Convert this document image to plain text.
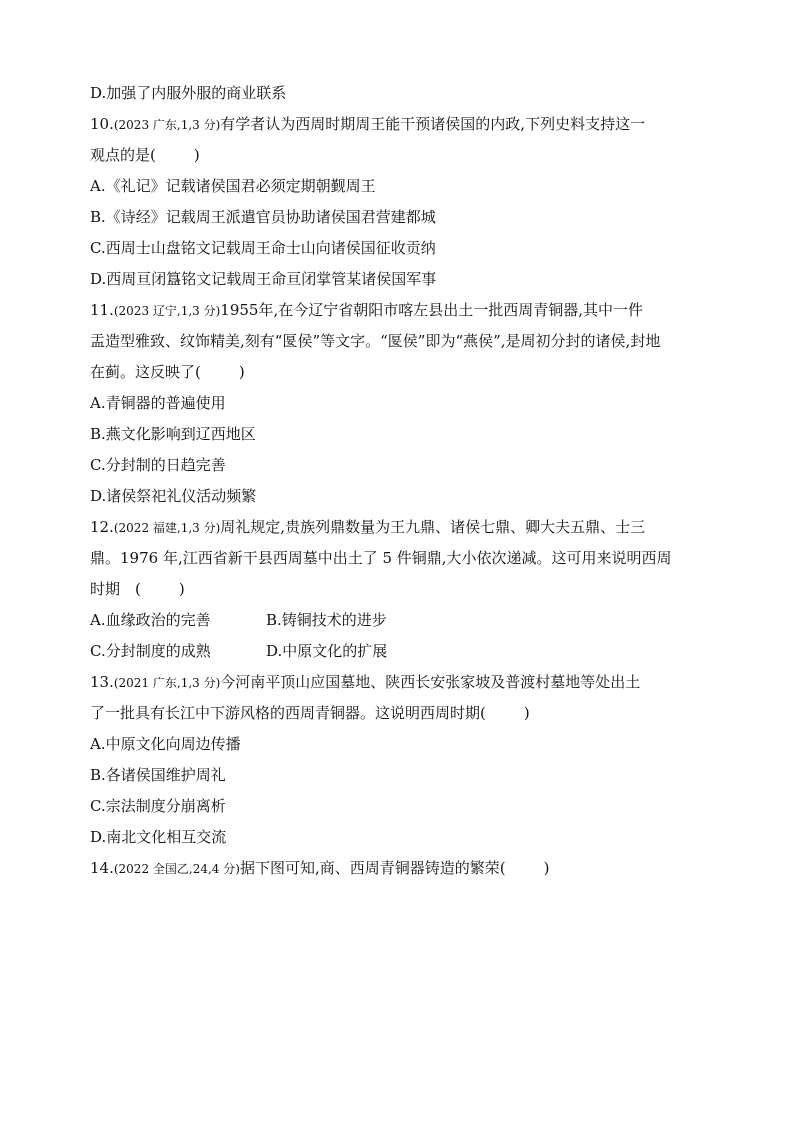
D.加强了内服外服的商业联系
10.(2023 广东,1,3 分)有学者认为西周时期周王能干预诸侯国的内政,下列史料支持这一
观点的是(	)
A.《礼记》记载诸侯国君必须定期朝觐周王
B.《诗经》记载周王派遣官员协助诸侯国君营建都城
C.西周士山盘铭文记载周王命士山向诸侯国征收贡纳
D.西周亘闭簋铭文记载周王命亘闭掌管某诸侯国军事
11.(2023 辽宁,1,3 分)1955年,在今辽宁省朝阳市喀左县出土一批西周青铜器,其中一件
盂造型雅致、纹饰精美,刻有“匽侯”等文字。“匽侯”即为“燕侯”,是周初分封的诸侯,封地
在蓟。这反映了(	)
A.青铜器的普遍使用
B.燕文化影响到辽西地区
C.分封制的日趋完善
D.诸侯祭祀礼仪活动频繁
12.(2022 福建,1,3 分)周礼规定,贵族列鼎数量为王九鼎、诸侯七鼎、卿大夫五鼎、士三
鼎。1976 年,江西省新干县西周墓中出土了 5 件铜鼎,大小依次递减。这可用来说明西周
时期　(	)
A.血缘政治的完善	B.铸铜技术的进步
C.分封制度的成熟	D.中原文化的扩展
13.(2021 广东,1,3 分)今河南平顶山应国墓地、陕西长安张家坡及普渡村墓地等处出土
了一批具有长江中下游风格的西周青铜器。这说明西周时期(	)
A.中原文化向周边传播
B.各诸侯国维护周礼
C.宗法制度分崩离析
D.南北文化相互交流
14.(2022 全国乙,24,4 分)据下图可知,商、西周青铜器铸造的繁荣(	)
